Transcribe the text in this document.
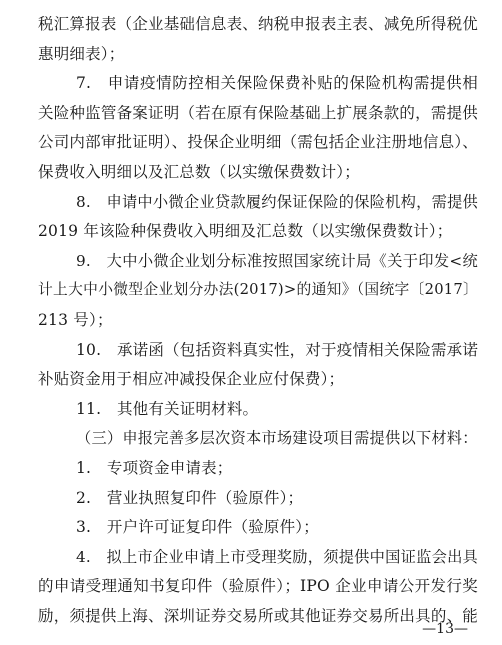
税汇算报表（企业基础信息表、纳税申报表主表、减免所得税优
惠明细表）；
7.　申请疫情防控相关保险保费补贴的保险机构需提供相
关险种监管备案证明（若在原有保险基础上扩展条款的，需提供
公司内部审批证明）、投保企业明细（需包括企业注册地信息）、
保费收入明细以及汇总数（以实缴保费数计）；
8.　申请中小微企业贷款履约保证保险的保险机构，需提供
2019 年该险种保费收入明细及汇总数（以实缴保费数计）；
9.　大中小微企业划分标准按照国家统计局《关于印发<统
计上大中小微型企业划分办法(2017)>的通知》（国统字〔2017〕
213 号）；
10.　承诺函（包括资料真实性，对于疫情相关保险需承诺
补贴资金用于相应冲减投保企业应付保费）；
11.　其他有关证明材料。
（三）申报完善多层次资本市场建设项目需提供以下材料：
1.　专项资金申请表；
2.　营业执照复印件（验原件）；
3.　开户许可证复印件（验原件）；
4.　拟上市企业申请上市受理奖励，须提供中国证监会出具
的申请受理通知书复印件（验原件）；IPO 企业申请公开发行奖
励，须提供上海、深圳证券交易所或其他证券交易所出具的、能
—13—
